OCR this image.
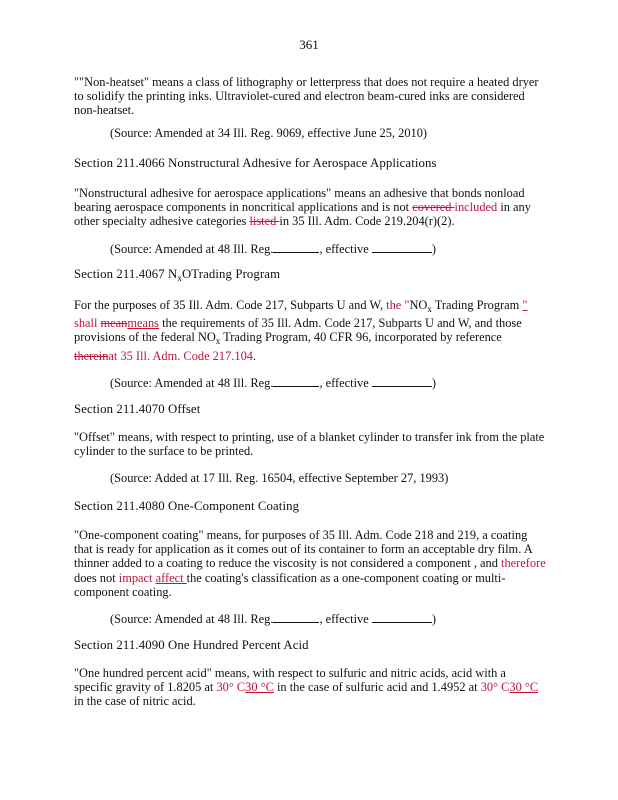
361
""Non-heatset" means a class of lithography or letterpress that does not require a heated dryer to solidify the printing inks. Ultraviolet-cured and electron beam-cured inks are considered non-heatset.
(Source: Amended at 34 Ill. Reg. 9069, effective June 25, 2010)
Section 211.4066 Nonstructural Adhesive for Aerospace Applications
"Nonstructural adhesive for aerospace applications" means an adhesive that bonds nonload bearing aerospace components in noncritical applications and is not covered included in any other specialty adhesive categories listed in 35 Ill. Adm. Code 219.204(r)(2).
(Source: Amended at 48 Ill. Reg.	, effective	)
Section 211.4067 $N_xOTrading$ Program
For the purposes of 35 Ill. Adm. Code 217, Subparts U and W, the "$NO_x$ Trading Program " shall meanmeans the requirements of 35 Ill. Adm. Code 217, Subparts U and W, and those provisions of the federal $NO_x$ Trading Program, 40 CFR 96, incorporated by reference thereinat 35 Ill. Adm. Code 217.104.
(Source: Amended at 48 Ill. Reg.	, effective	)
Section 211.4070 Offset
"Offset" means, with respect to printing, use of a blanket cylinder to transfer ink from the plate cylinder to the surface to be printed.
(Source: Added at 17 Ill. Reg. 16504, effective September 27, 1993)
Section 211.4080 One-Component Coating
"One-component coating" means, for purposes of 35 Ill. Adm. Code 218 and 219, a coating that is ready for application as it comes out of its container to form an acceptable dry film. A thinner added to a coating to reduce the viscosity is not considered a component , and therefore does not impact affect the coating's classification as a one-component coating or multi-component coating.
(Source: Amended at 48 Ill. Reg.	, effective	)
Section 211.4090 One Hundred Percent Acid
"One hundred percent acid" means, with respect to sulfuric and nitric acids, acid with a specific gravity of 1.8205 at 30° C30 °C in the case of sulfuric acid and 1.4952 at 30° C30 °C in the case of nitric acid.
